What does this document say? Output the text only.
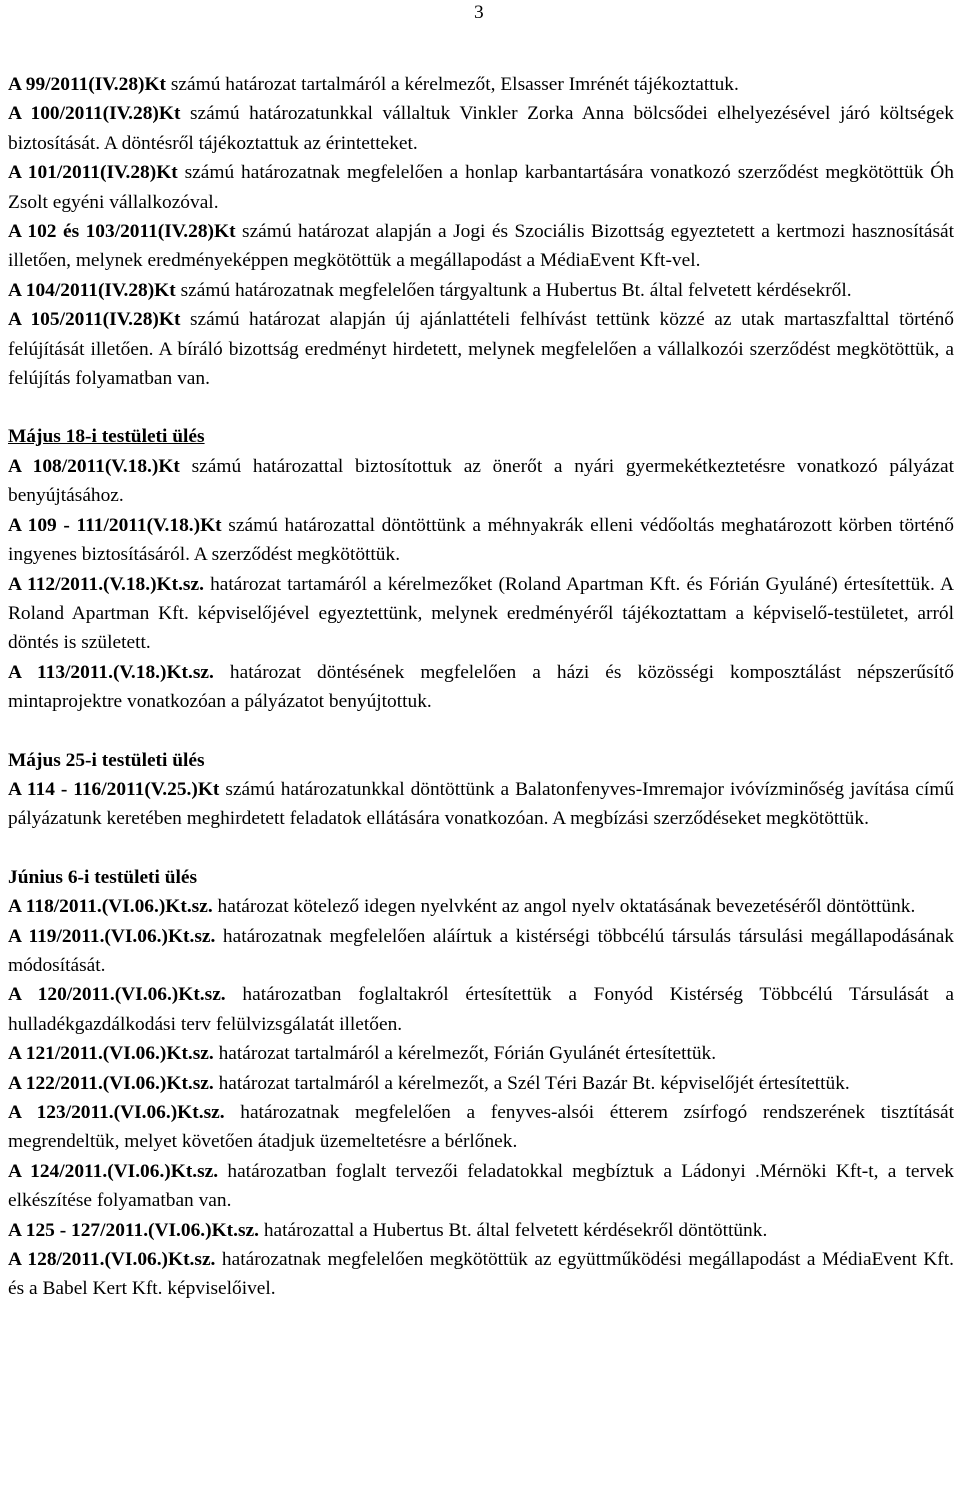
3

A 99/2011(IV.28)Kt számú határozat tartalmáról a kérelmezőt, Elsasser Imrénét tájékoztattuk.

A 100/2011(IV.28)Kt számú határozatunkkal vállaltuk Vinkler Zorka Anna bölcsődei elhelyezésével járó költségek biztosítását. A döntésről tájékoztattuk az érintetteket.

A 101/2011(IV.28)Kt számú határozatnak megfelelően a honlap karbantartására vonatkozó szerződést megkötöttük Óh Zsolt egyéni vállalkozóval.

A 102 és 103/2011(IV.28)Kt számú határozat alapján a Jogi és Szociális Bizottság egyeztetett a kertmozi hasznosítását illetően, melynek eredményeképpen megkötöttük a megállapodást a MédiaEvent Kft-vel.

A 104/2011(IV.28)Kt számú határozatnak megfelelően tárgyaltunk a Hubertus Bt. által felvetett kérdésekről.

A 105/2011(IV.28)Kt számú határozat alapján új ajánlattételi felhívást tettünk közzé az utak martaszfalttal történő felújítását illetően. A bíráló bizottság eredményt hirdetett, melynek megfelelően a vállalkozói szerződést megkötöttük, a felújítás folyamatban van.

Május 18-i testületi ülés

A 108/2011(V.18.)Kt számú határozattal biztosítottuk az önerőt a nyári gyermekétkeztetésre vonatkozó pályázat benyújtásához.

A 109 - 111/2011(V.18.)Kt számú határozattal döntöttünk a méhnyakrák elleni védőoltás meghatározott körben történő ingyenes biztosításáról. A szerződést megkötöttük.

A 112/2011.(V.18.)Kt.sz. határozat tartamáról a kérelmezőket (Roland Apartman Kft. és Fórián Gyuláné) értesítettük. A Roland Apartman Kft. képviselőjével egyeztettünk, melynek eredményéről tájékoztattam a képviselő-testületet, arról döntés is született.

A 113/2011.(V.18.)Kt.sz. határozat döntésének megfelelően a házi és közösségi komposztálást népszerűsítő mintaprojektre vonatkozóan a pályázatot benyújtottuk.

Május 25-i testületi ülés

A 114 - 116/2011(V.25.)Kt számú határozatunkkal döntöttünk a Balatonfenyves-Imremajor ivóvízminőség javítása című pályázatunk keretében meghirdetett feladatok ellátására vonatkozóan. A megbízási szerződéseket megkötöttük.

Június 6-i testületi ülés

A 118/2011.(VI.06.)Kt.sz. határozat kötelező idegen nyelvként az angol nyelv oktatásának bevezetéséről döntöttünk.

A 119/2011.(VI.06.)Kt.sz. határozatnak megfelelően aláírtuk a kistérségi többcélú társulás társulási megállapodásának módosítását.

A 120/2011.(VI.06.)Kt.sz. határozatban foglaltakról értesítettük a Fonyód Kistérség Többcélú Társulását a hulladékgazdálkodási terv felülvizsgálatát illetően.

A 121/2011.(VI.06.)Kt.sz. határozat tartalmáról a kérelmezőt, Fórián Gyulánét értesítettük.

A 122/2011.(VI.06.)Kt.sz. határozat tartalmáról a kérelmezőt, a Szél Téri Bazár Bt. képviselőjét értesítettük.

A 123/2011.(VI.06.)Kt.sz. határozatnak megfelelően a fenyves-alsói étterem zsírfogó rendszerének tisztítását megrendeltük, melyet követően átadjuk üzemeltetésre a bérlőnek.

A 124/2011.(VI.06.)Kt.sz. határozatban foglalt tervezői feladatokkal megbíztuk a Ládonyi .Mérnöki Kft-t, a tervek elkészítése folyamatban van.

A 125 - 127/2011.(VI.06.)Kt.sz. határozattal a Hubertus Bt. által felvetett kérdésekről döntöttünk.

A 128/2011.(VI.06.)Kt.sz. határozatnak megfelelően megkötöttük az együttműködési megállapodást a MédiaEvent Kft. és a Babel Kert Kft. képviselőivel.
